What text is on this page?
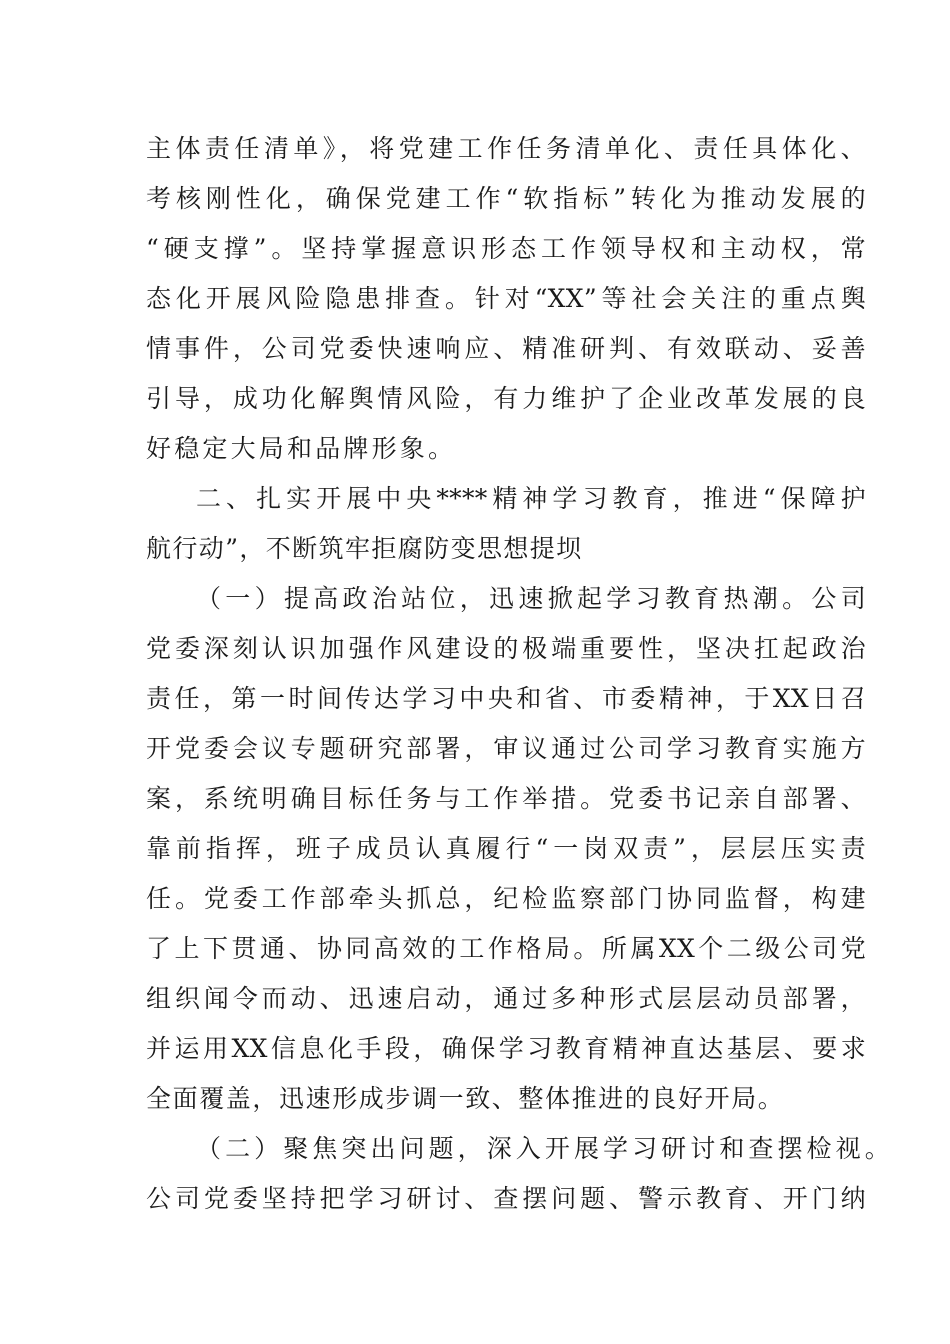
主体责任清单》，将党建工作任务清单化、责任具体化、
考核刚性化，确保党建工作“软指标”转化为推动发展的
“硬支撑”。坚持掌握意识形态工作领导权和主动权，常
态化开展风险隐患排查。针对“XX”等社会关注的重点舆
情事件，公司党委快速响应、精准研判、有效联动、妥善
引导，成功化解舆情风险，有力维护了企业改革发展的良
好稳定大局和品牌形象。
二、扎实开展中央****精神学习教育，推进“保障护
航行动”，不断筑牢拒腐防变思想提坝
（一）提高政治站位，迅速掀起学习教育热潮。公司
党委深刻认识加强作风建设的极端重要性，坚决扛起政治
责任，第一时间传达学习中央和省、市委精神，于XX日召
开党委会议专题研究部署，审议通过公司学习教育实施方
案，系统明确目标任务与工作举措。党委书记亲自部署、
靠前指挥，班子成员认真履行“一岗双责”，层层压实责
任。党委工作部牵头抓总，纪检监察部门协同监督，构建
了上下贯通、协同高效的工作格局。所属XX个二级公司党
组织闻令而动、迅速启动，通过多种形式层层动员部署，
并运用XX信息化手段，确保学习教育精神直达基层、要求
全面覆盖，迅速形成步调一致、整体推进的良好开局。
（二）聚焦突出问题，深入开展学习研讨和查摆检视。
公司党委坚持把学习研讨、查摆问题、警示教育、开门纳
